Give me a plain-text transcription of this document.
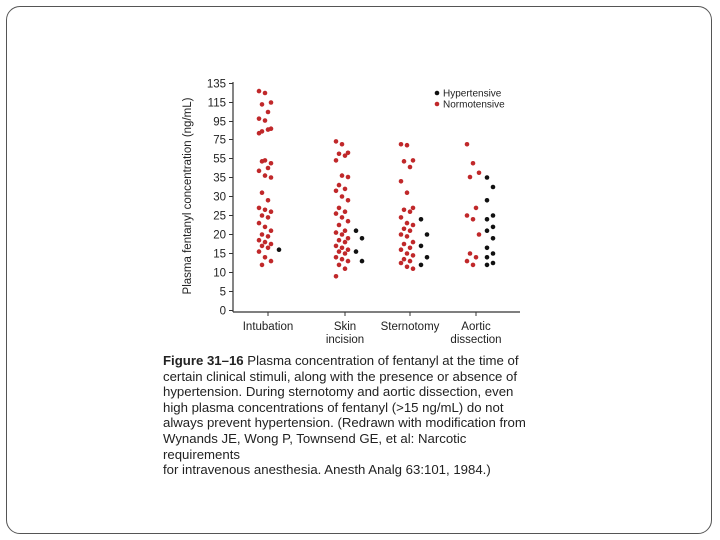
0
5
10
15
20
25
30
35
55
75
95
115
135
Plasma fentanyl concentration (ng/mL)
Intubation	Skin
incision
Sternotomy Aortic
dissection
Hypertensive
Normotensive
Figure 31–16 Plasma concentration of fentanyl at the time of
certain clinical stimuli, along with the presence or absence of
hypertension. During sternotomy and aortic dissection, even
high plasma concentrations of fentanyl (>15 ng/mL) do not
always prevent hypertension. (Redrawn with modification from
Wynands JE, Wong P, Townsend GE, et al: Narcotic requirements
for intravenous anesthesia. Anesth Analg 63:101, 1984.)
